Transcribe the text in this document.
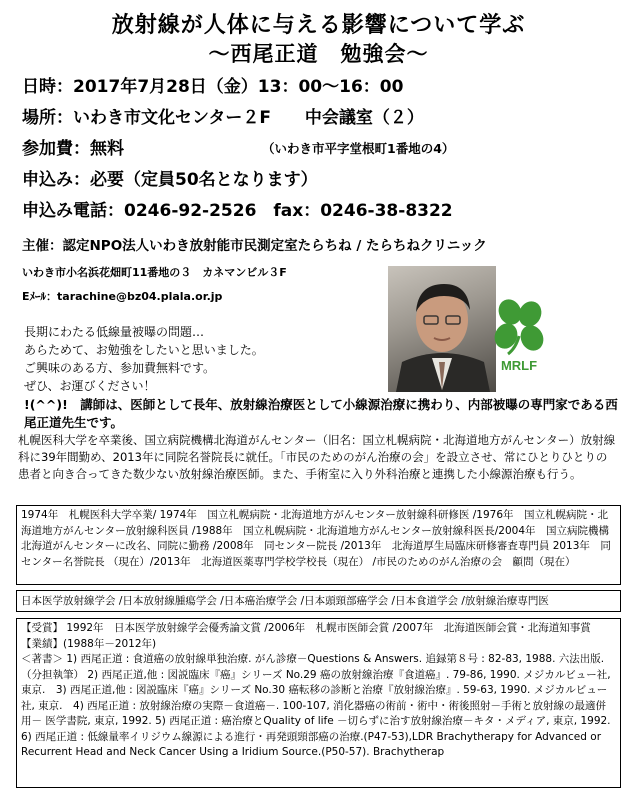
放射線が人体に与える影響について学ぶ
～西尾正道　勉強会～
日時：2017年7月28日（金）13：00～16：00
場所：いわき市文化センター２F　　中会議室（２）
参加費：無料	（いわき市平字堂根町1番地の4）
申込み：必要（定員50名となります）
申込み電話：0246-92-2526　fax：0246-38-8322
主催：認定NPO法人いわき放射能市民測定室たらちね / たらちねクリニック
いわき市小名浜花畑町11番地の３　カネマンビル３F
Eﾒｰﾙ：tarachine@bz04.plala.or.jp
MRLF
長期にわたる低線量被曝の問題…
あらためて、お勉強をしたいと思いました。
ご興味のある方、参加費無料です。
ぜひ、お運びください！
!(^^)!　講師は、医師として長年、放射線治療医として小線源治療に携わり、内部被曝の専門家である西尾正道先生です。
札幌医科大学を卒業後、国立病院機構北海道がんセンター（旧名：国立札幌病院・北海道地方がんセンター）放射線科に39年間勤め、2013年に同院名誉院長に就任。「市民のためのがん治療の会」を設立させ、常にひとりひとりの患者と向き合ってきた数少ない放射線治療医師。また、手術室に入り外科治療と連携した小線源治療も行う。
1974年　札幌医科大学卒業/ 1974年　国立札幌病院・北海道地方がんセンター放射線科研修医 /1976年　国立札幌病院・北海道地方がんセンター放射線科医員 /1988年　国立札幌病院・北海道地方がんセンター放射線科医長/2004年　国立病院機構北海道がんセンターに改名、同院に勤務 /2008年　同センター院長 /2013年　北海道厚生局臨床研修審査専門員 2013年　同センター名誉院長 （現在）/2013年　北海道医薬専門学校学校長（現在） /市民のためのがん治療の会　顧問（現在）
日本医学放射線学会 /日本放射線腫瘍学会 /日本癌治療学会 /日本頭頸部癌学会 /日本食道学会 /放射線治療専門医
【受賞】 1992年　日本医学放射線学会優秀論文賞 /2006年　札幌市医師会賞 /2007年　北海道医師会賞・北海道知事賞
【業績】(1988年－2012年)
＜著書＞ 1) 西尾正道 : 食道癌の放射線単独治療. がん診療－Questions & Answers. 追録第８号 : 82-83, 1988. 六法出版.（分担執筆） 2) 西尾正道,他 : 図説臨床『癌』シリーズ No.29 癌の放射線治療『食道癌』. 79-86, 1990. メジカルビュー社, 東京.　3) 西尾正道,他 : 図説臨床『癌』シリーズ No.30 癌転移の診断と治療『放射線治療』. 59-63, 1990. メジカルビュー社, 東京.　4) 西尾正道 : 放射線治療の実際－食道癌－. 100-107, 消化器癌の術前・術中・術後照射－手術と放射線の最適併用－ 医学書院, 東京, 1992. 5) 西尾正道 : 癌治療とQuality of life －切らずに治す放射線治療－キタ・メディア, 東京, 1992. 6) 西尾正道 : 低線量率イリジウム線源による進行・再発頭頸部癌の治療.(P47-53),LDR Brachytherapy for Advanced or Recurrent Head and Neck Cancer Using a Iridium Source.(P50-57). Brachytherap
